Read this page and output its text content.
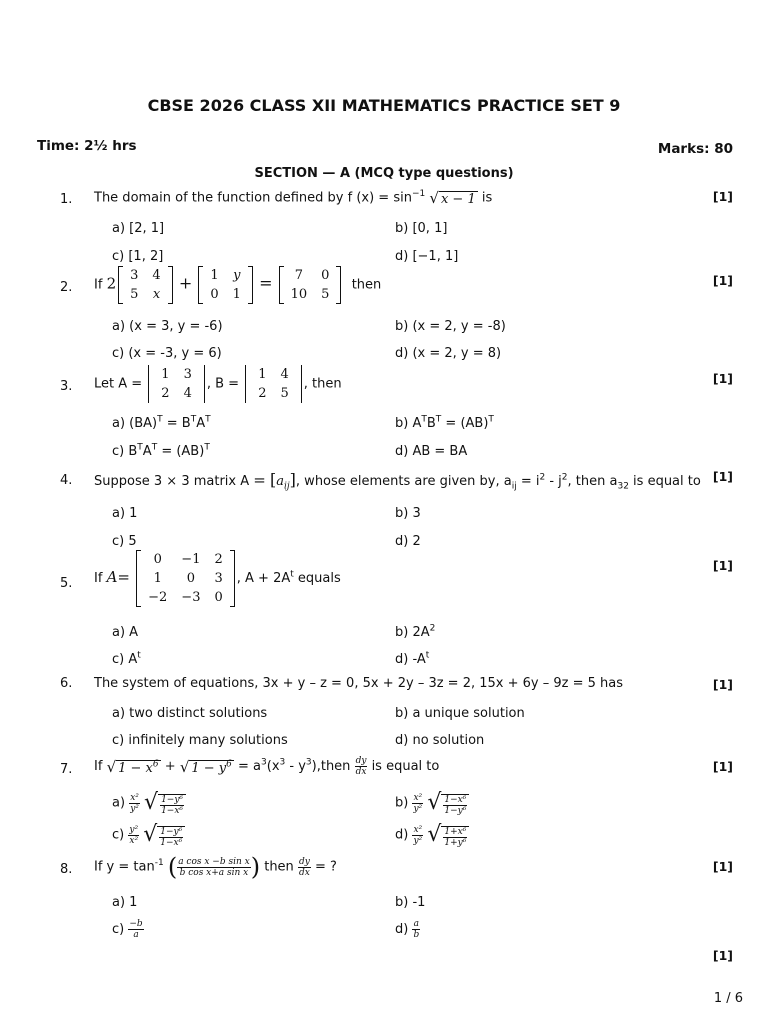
CBSE 2026 CLASS XII MATHEMATICS PRACTICE SET 9
Time: 2½ hrs	Marks: 80
SECTION — A (MCQ type questions)
1.	The domain of the function defined by f $(x) = \sin^{-1}$ √ x − 1 is	[1]
a) [2, 1]	b) [0, 1]
c) [1, 2]	d) [−1, 1]
2.	If 2 3	4
5	x
+ 1	y
0	1
= 7	0
10	5
then	[1]
a) (x = 3, y = -6)	b) (x = 2, y = -8)
c) (x = -3, y = 6)	d) (x = 2, y = 8)
3.	Let A =
1	3
2	4
, B =
1	4
2	5
, then	[1]
a) $(BA)^T = B^TA^T$	b) $A^TB^T = (AB)^T$
c) $B^TA^T = (AB)^T$	d) AB = BA
4.	Suppose 3 × 3 matrix $A = [a_{ij}]$, whose elements are given by, $a_{ij} = i^2 - j^2$, then $a_{32}$ is equal to [1]
a) 1	b) 3
c) 5	d) 2
5.	If A=
0	−1	2
1	0	3
−2	−3	0
, $A + 2A^t$ equals
[1]
a) A	b) $2A^2$
c) $A^t$	d) $-A^t$
6.	The system of equations, 3x + y – z = 0, 5x + 2y – 3z = 2, 15x + 6y – 9z = 5 has	[1]
a) two distinct solutions	b) a unique solution
c) infinitely many solutions	d) no solution
7.	If √ $1 - x^6$ + √ $1 - y^6 = a^3(x^3$ - $y^3),then \frac{dy}{dx}$ is equal to	[1]
$a) \frac{\text{x²}}{\text{y²}}$ √ $\frac{\text{1−y⁶}}{\text{1−x⁶}}$	$b) \frac{\text{x²}}{\text{y²}}$ √ $\frac{\text{1−x⁶}}{\text{1−y⁶}}$
$c) \frac{\text{y²}}{\text{x²}}$ √ $\frac{\text{1−y⁶}}{\text{1−x⁶}}$	$d) \frac{\text{x²}}{\text{y²}}$ √ $\frac{\text{1+x⁶}}{\text{1+y⁶}}$
8.	If $y = \tan^{-1}$ ( $\frac{\text{a cos x −b sin x}}{\text{b cos x+a sin x}}$ ) then $\frac{dy}{dx}$ = ?	[1]
a) 1	b) -1
$c) \frac{-b}{a}$	$d) \frac{a}{b}$
[1]
1 / 6
